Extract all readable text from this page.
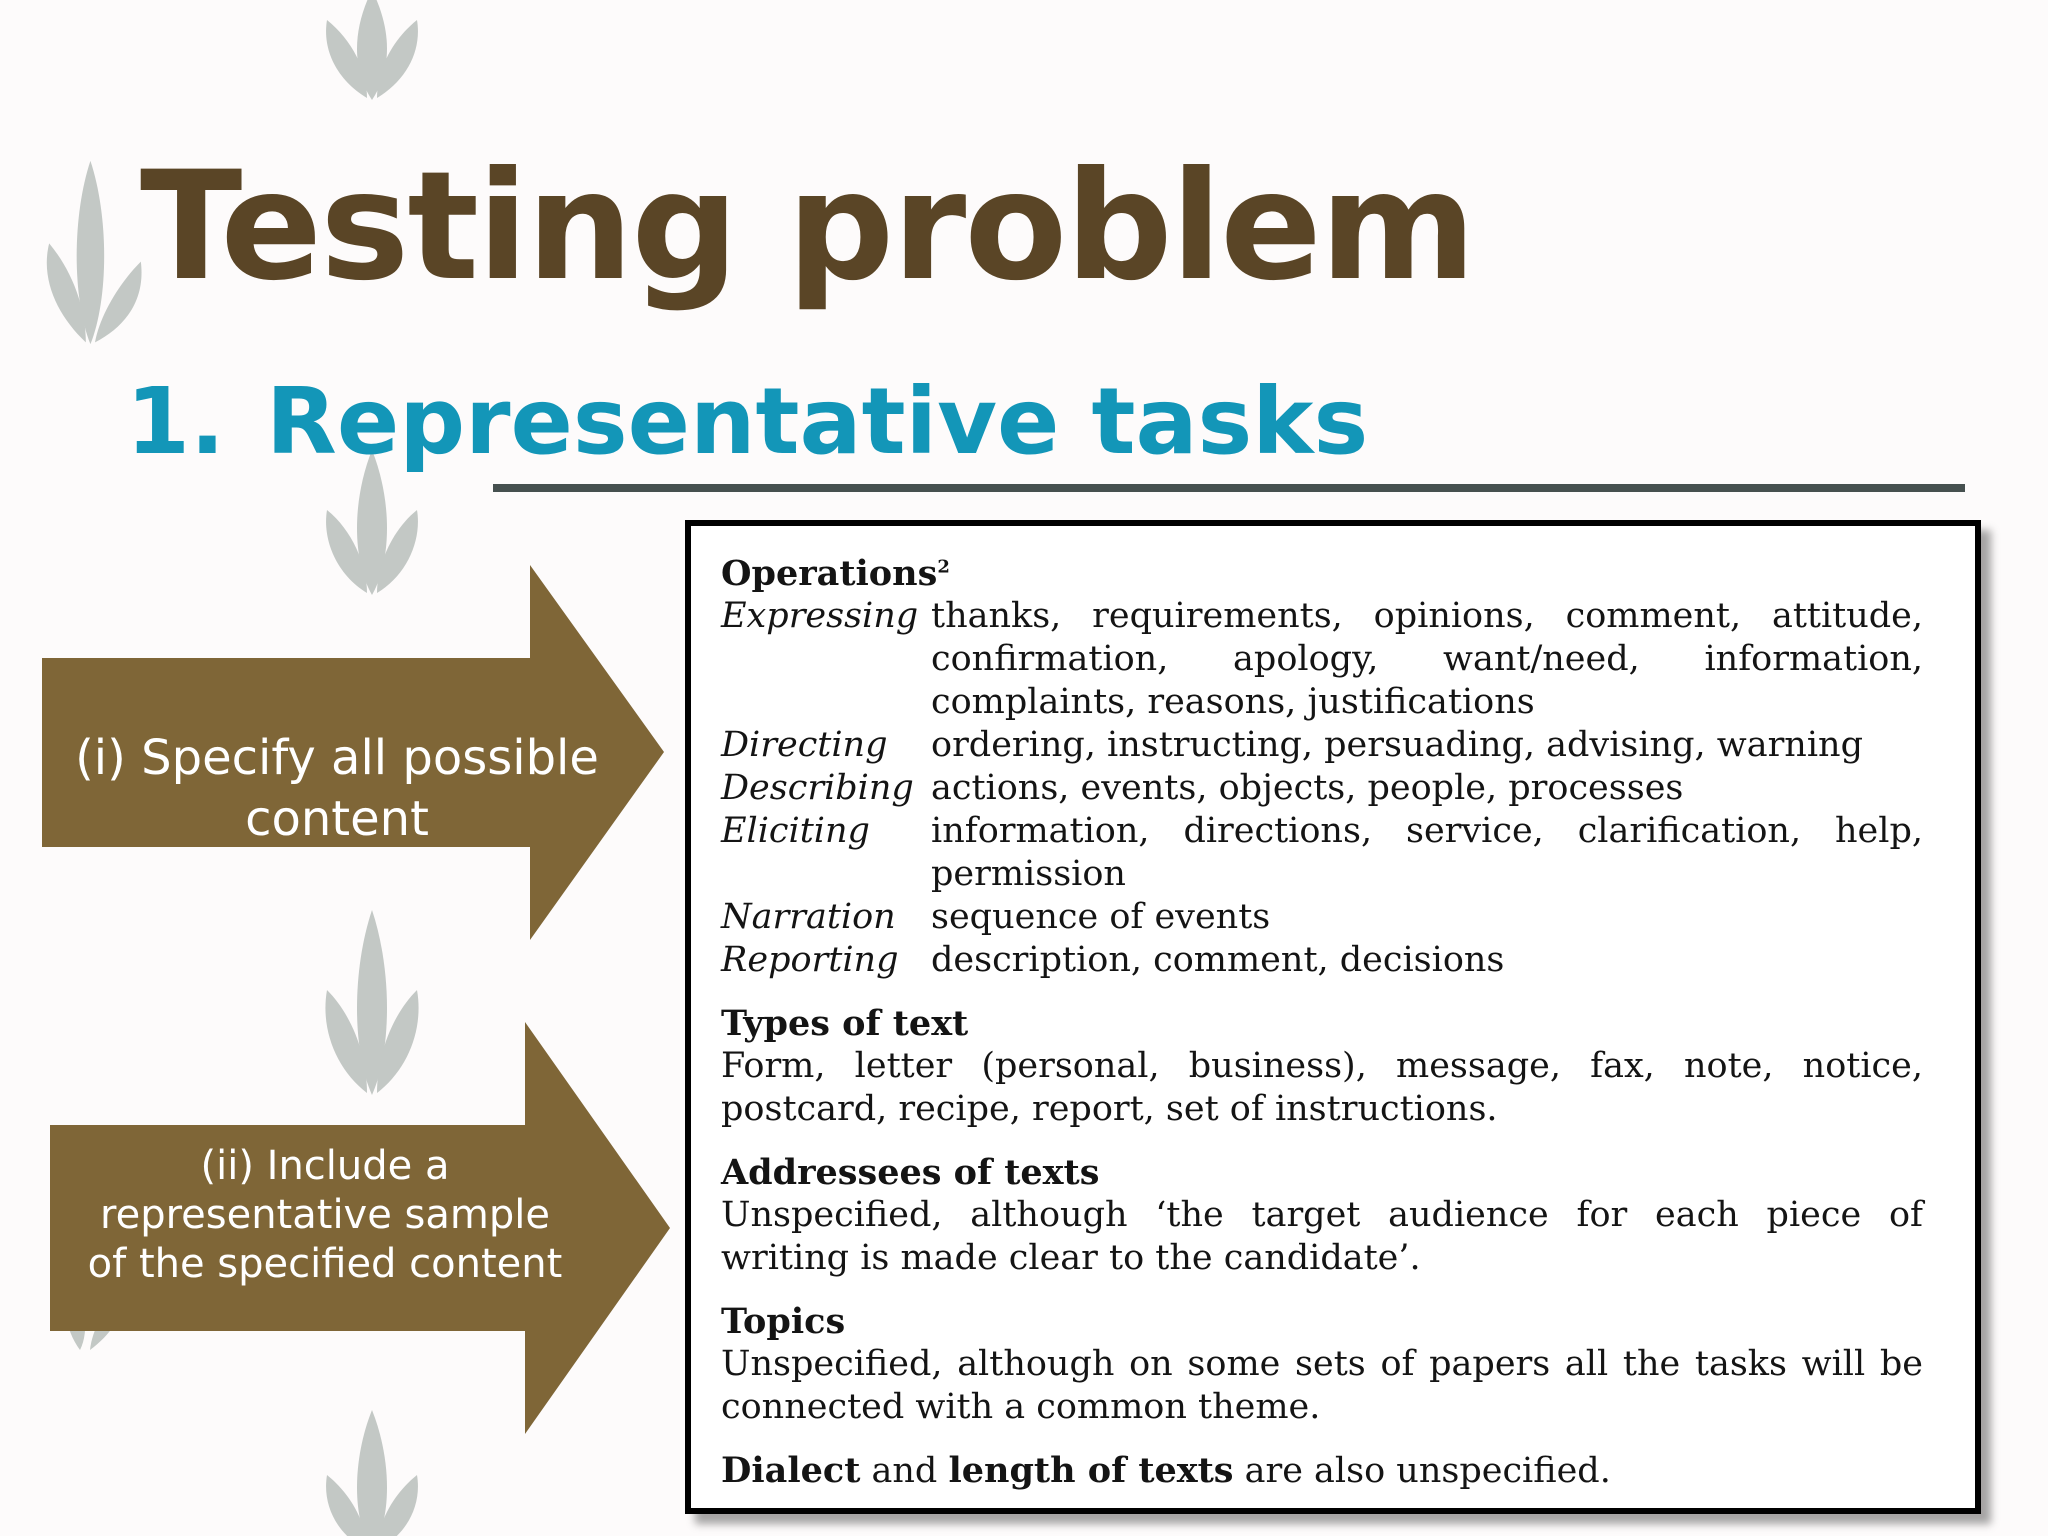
Testing problem
1. Representative tasks
(i) Specify all possible
content
(ii) Include a
representative sample
of the specified content
Operations$^2$
Expressing thanks, requirements, opinions, comment, attitude, confirmation, apology, want/need, information, complaints, reasons, justifications
Directing	ordering, instructing, persuading, advising, warning
Describing actions, events, objects, people, processes
Eliciting	information, directions, service, clarification, help, permission
Narration	sequence of events
Reporting description, comment, decisions
Types of text
Form, letter (personal, business), message, fax, note, notice, postcard, recipe, report, set of instructions.
Addressees of texts
Unspecified, although ‘the target audience for each piece of writing is made clear to the candidate’.
Topics
Unspecified, although on some sets of papers all the tasks will be connected with a common theme.
Dialect and length of texts are also unspecified.
